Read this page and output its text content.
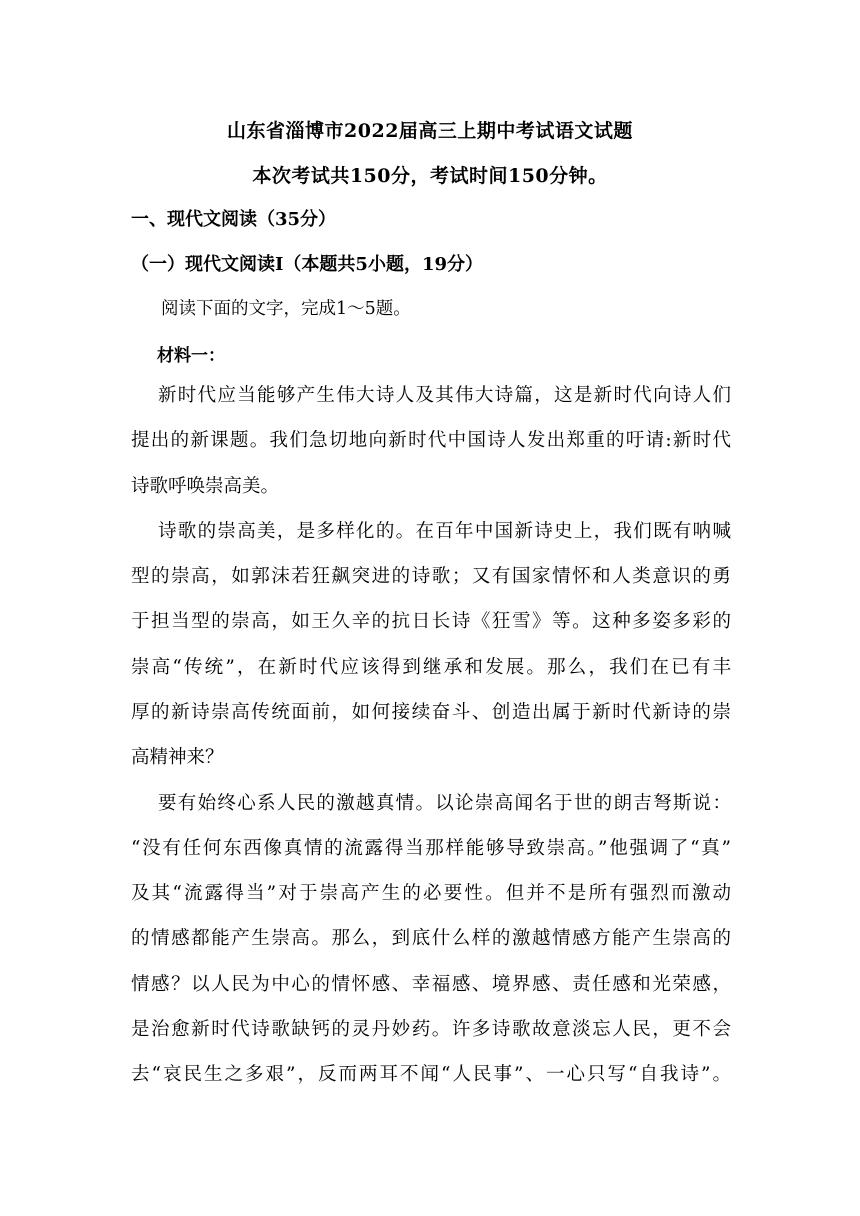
山东省淄博市2022届高三上期中考试语文试题
本次考试共150分，考试时间150分钟。
一、现代文阅读（35分）
（一）现代文阅读Ⅰ（本题共5小题，19分）
阅读下面的文字，完成1～5题。
材料一：
新时代应当能够产生伟大诗人及其伟大诗篇，这是新时代向诗人们
提出的新课题。我们急切地向新时代中国诗人发出郑重的吁请:新时代
诗歌呼唤崇高美。
诗歌的崇高美，是多样化的。在百年中国新诗史上，我们既有呐喊
型的崇高，如郭沫若狂飙突进的诗歌；又有国家情怀和人类意识的勇
于担当型的崇高，如王久辛的抗日长诗《狂雪》等。这种多姿多彩的
崇高“传统”，在新时代应该得到继承和发展。那么，我们在已有丰
厚的新诗崇高传统面前，如何接续奋斗、创造出属于新时代新诗的崇
高精神来？
要有始终心系人民的激越真情。以论崇高闻名于世的朗吉弩斯说：
“没有任何东西像真情的流露得当那样能够导致崇高。”他强调了“真”
及其“流露得当”对于崇高产生的必要性。但并不是所有强烈而激动
的情感都能产生崇高。那么，到底什么样的激越情感方能产生崇高的
情感？以人民为中心的情怀感、幸福感、境界感、责任感和光荣感，
是治愈新时代诗歌缺钙的灵丹妙药。许多诗歌故意淡忘人民，更不会
去“哀民生之多艰”，反而两耳不闻“人民事”、一心只写“自我诗”。
